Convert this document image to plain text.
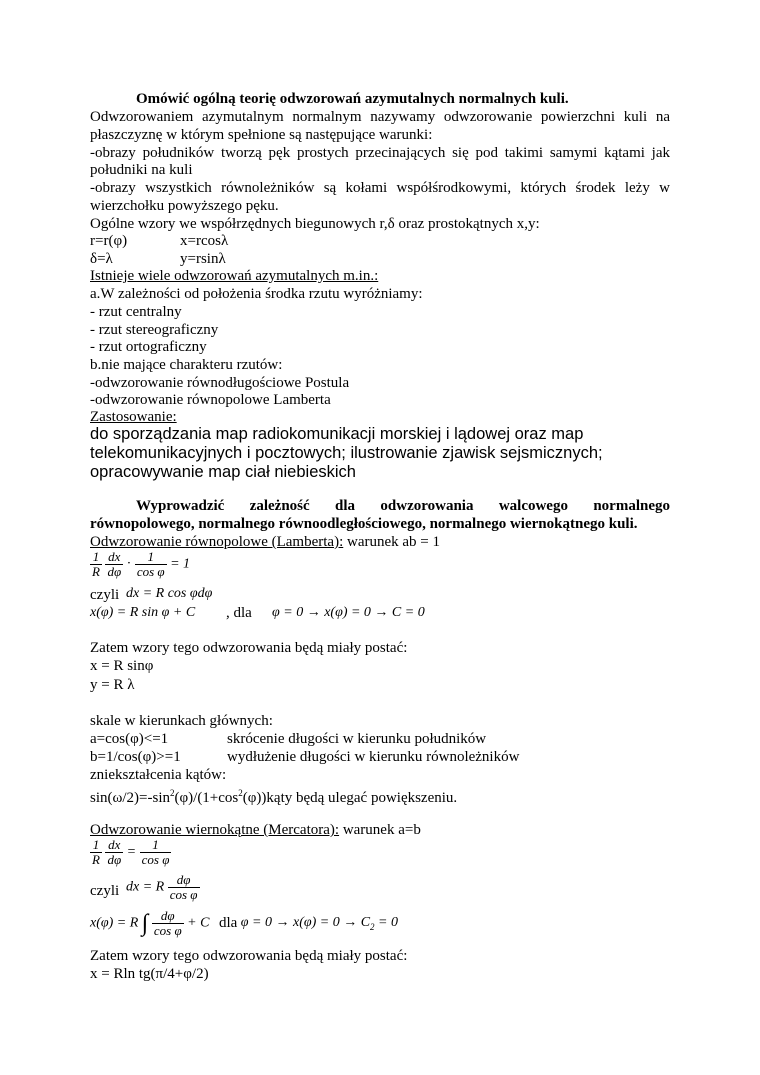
Omówić ogólną teorię odwzorowań azymutalnych normalnych kuli.
Odwzorowaniem azymutalnym normalnym nazywamy odwzorowanie powierzchni kuli na
płaszczyznę w którym spełnione są następujące warunki:
-obrazy południków tworzą pęk prostych przecinających się pod takimi samymi kątami jak
południki na kuli
-obrazy wszystkich równoleżników są kołami współśrodkowymi, których środek leży w
wierzchołku powyższego pęku.
Ogólne wzory we współrzędnych biegunowych r,δ oraz prostokątnych x,y:
r=r(φ)	x=rcosλ
δ=λ	y=rsinλ
Istnieje wiele odwzorowań azymutalnych m.in.:
a.W zależności od położenia środka rzutu wyróżniamy:
- rzut centralny
- rzut stereograficzny
- rzut ortograficzny
b.nie mające charakteru rzutów:
-odwzorowanie równodługościowe Postula
-odwzorowanie równopolowe Lamberta
Zastosowanie:
do sporządzania map radiokomunikacji morskiej i lądowej oraz map
telekomunikacyjnych i pocztowych; ilustrowanie zjawisk sejsmicznych;
opracowywanie map ciał niebieskich
Wyprowadzić zależność dla odwzorowania walcowego normalnego
równopolowego, normalnego równoodległościowego, normalnego wiernokątnego kuli.
Odwzorowanie równopolowe (Lamberta): warunek ab = 1
$\frac{1}{R}$
$\frac{dx}{d\varphi} \cdot \frac{1}{\text{cos φ}} = 1$
czyli dx = R cos φdφ
x(φ) = R sin φ + C , dla φ = 0 → x(φ) = 0 → C = 0
Zatem wzory tego odwzorowania będą miały postać:
x = R sinφ
y = R λ
skale w kierunkach głównych:
a=cos(φ)<=1	skrócenie długości w kierunku południków
b=1/cos(φ)>=1	wydłużenie długości w kierunku równoleżników
zniekształcenia kątów:
$\sin(\omega/2)=-\sin^2(\varphi)/(1+\cos^2(\varphi))kąty$ będą ulegać powiększeniu.
Odwzorowanie wiernokątne (Mercatora): warunek a=b
$\frac{1}{R}$
$\frac{dx}{d\varphi} = \frac{1}{\text{cos φ}}$
czyli dx = R $\frac{d\varphi}{\text{cos φ}}$
x(φ) = R ∫ $\frac{d\varphi}{\text{cos φ}} + C$ dla $\varphi = 0 \to x(\varphi) = 0 \to C_2 = 0$
Zatem wzory tego odwzorowania będą miały postać:
x = Rln tg(π/4+φ/2)
